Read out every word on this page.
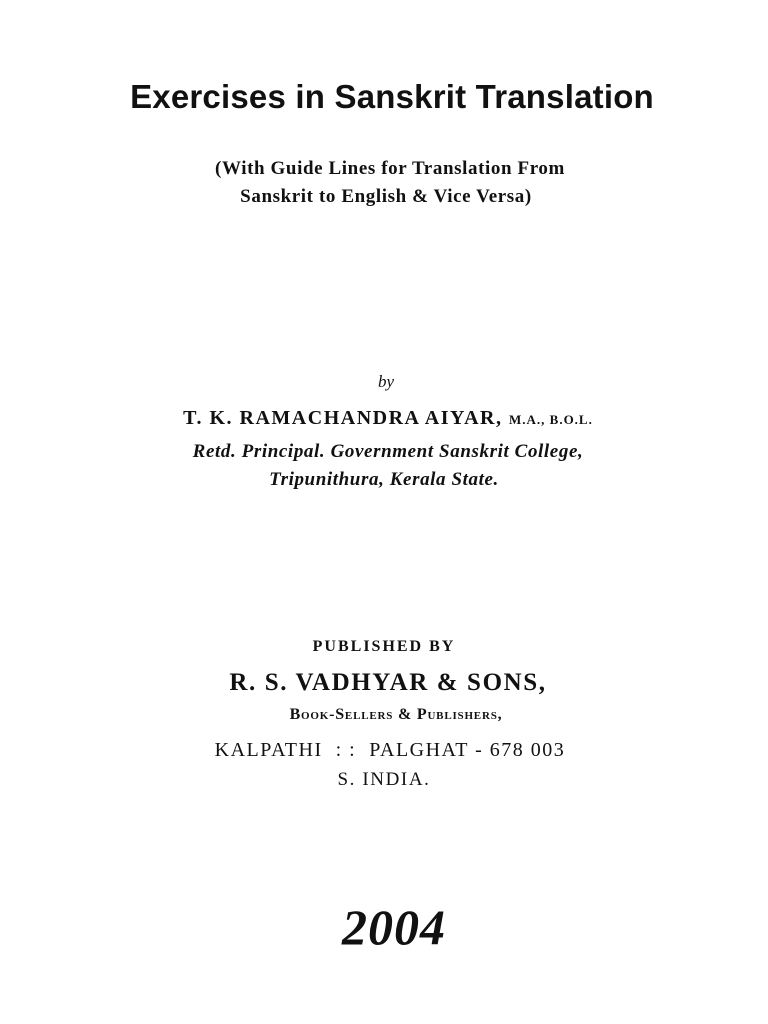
Exercises in Sanskrit Translation

(With Guide Lines for Translation From

Sanskrit to English & Vice Versa)

by

T. K. RAMACHANDRA AIYAR, M.A., B.O.L.

Retd. Principal. Government Sanskrit College,

Tripunithura, Kerala State.

PUBLISHED BY

R. S. VADHYAR & SONS,

Book-Sellers & Publishers,

KALPATHI  : :  PALGHAT - 678 003

S. INDIA.

2004
